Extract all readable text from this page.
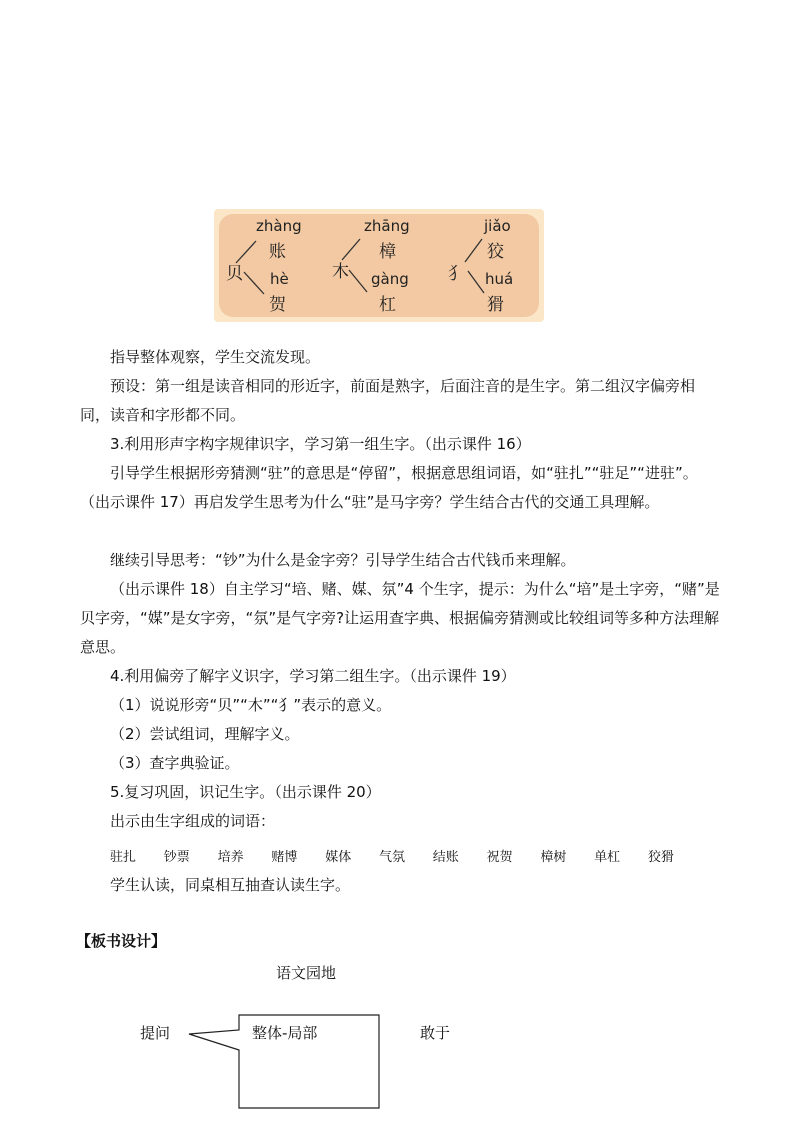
贝
zhàng
账
hè
贺
木
zhāng
樟
gàng
杠
犭
jiǎo
狡
huá
猾
指导整体观察，学生交流发现。
预设：第一组是读音相同的形近字，前面是熟字，后面注音的是生字。第二组汉字偏旁相同，读音和字形都不同。
3.利用形声字构字规律识字，学习第一组生字。（出示课件 16）
引导学生根据形旁猜测“驻”的意思是“停留”，根据意思组词语，如“驻扎”“驻足”“进驻”。（出示课件 17）再启发学生思考为什么“驻”是马字旁？学生结合古代的交通工具理解。
继续引导思考：“钞”为什么是金字旁？引导学生结合古代钱币来理解。
（出示课件 18）自主学习“培、赌、媒、氛”4 个生字，提示：为什么“培”是土字旁，“赌”是贝字旁，“媒”是女字旁，“氛”是气字旁?让运用查字典、根据偏旁猜测或比较组词等多种方法理解意思。
4.利用偏旁了解字义识字，学习第二组生字。（出示课件 19）
（1）说说形旁“贝”“木”“犭”表示的意义。
（2）尝试组词，理解字义。
（3）查字典验证。
5.复习巩固，识记生字。（出示课件 20）
出示由生字组成的词语：
驻扎 钞票 培养 赌博 媒体 气氛 结账 祝贺 樟树 单杠 狡猾
学生认读，同桌相互抽查认读生字。
【板书设计】
语文园地
提问	敢于
整体-局部
